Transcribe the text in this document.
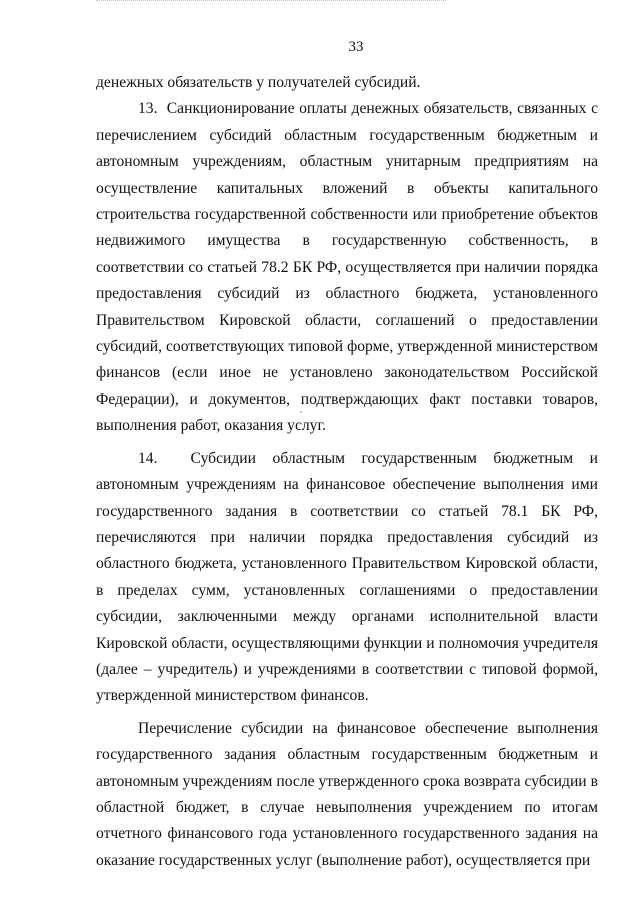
33

денежных обязательств у получателей субсидий.

13.  Санкционирование оплаты денежных обязательств, связанных с перечислением субсидий областным государственным бюджетным и автономным учреждениям, областным унитарным предприятиям на осуществление капитальных вложений в объекты капитального строительства государственной собственности или приобретение объектов недвижимого имущества в государственную собственность, в соответствии со статьей 78.2 БК РФ, осуществляется при наличии порядка предоставления субсидий из областного бюджета, установленного Правительством Кировской области, соглашений о предоставлении субсидий, соответствующих типовой форме, утвержденной министерством финансов (если иное не установлено законодательством Российской Федерации), и документов, подтверждающих факт поставки товаров, выполнения работ, оказания услуг.

14.  Субсидии областным государственным бюджетным и автономным учреждениям на финансовое обеспечение выполнения ими государственного задания в соответствии со статьей 78.1 БК РФ, перечисляются при наличии порядка предоставления субсидий из областного бюджета, установленного Правительством Кировской области, в пределах сумм, установленных соглашениями о предоставлении субсидии, заключенными между органами исполнительной власти Кировской области, осуществляющими функции и полномочия учредителя (далее – учредитель) и учреждениями в соответствии с типовой формой, утвержденной министерством финансов.

Перечисление субсидии на финансовое обеспечение выполнения государственного задания областным государственным бюджетным и автономным учреждениям после утвержденного срока возврата субсидии в областной бюджет, в случае невыполнения учреждением по итогам отчетного финансового года установленного государственного задания на оказание государственных услуг (выполнение работ), осуществляется при
